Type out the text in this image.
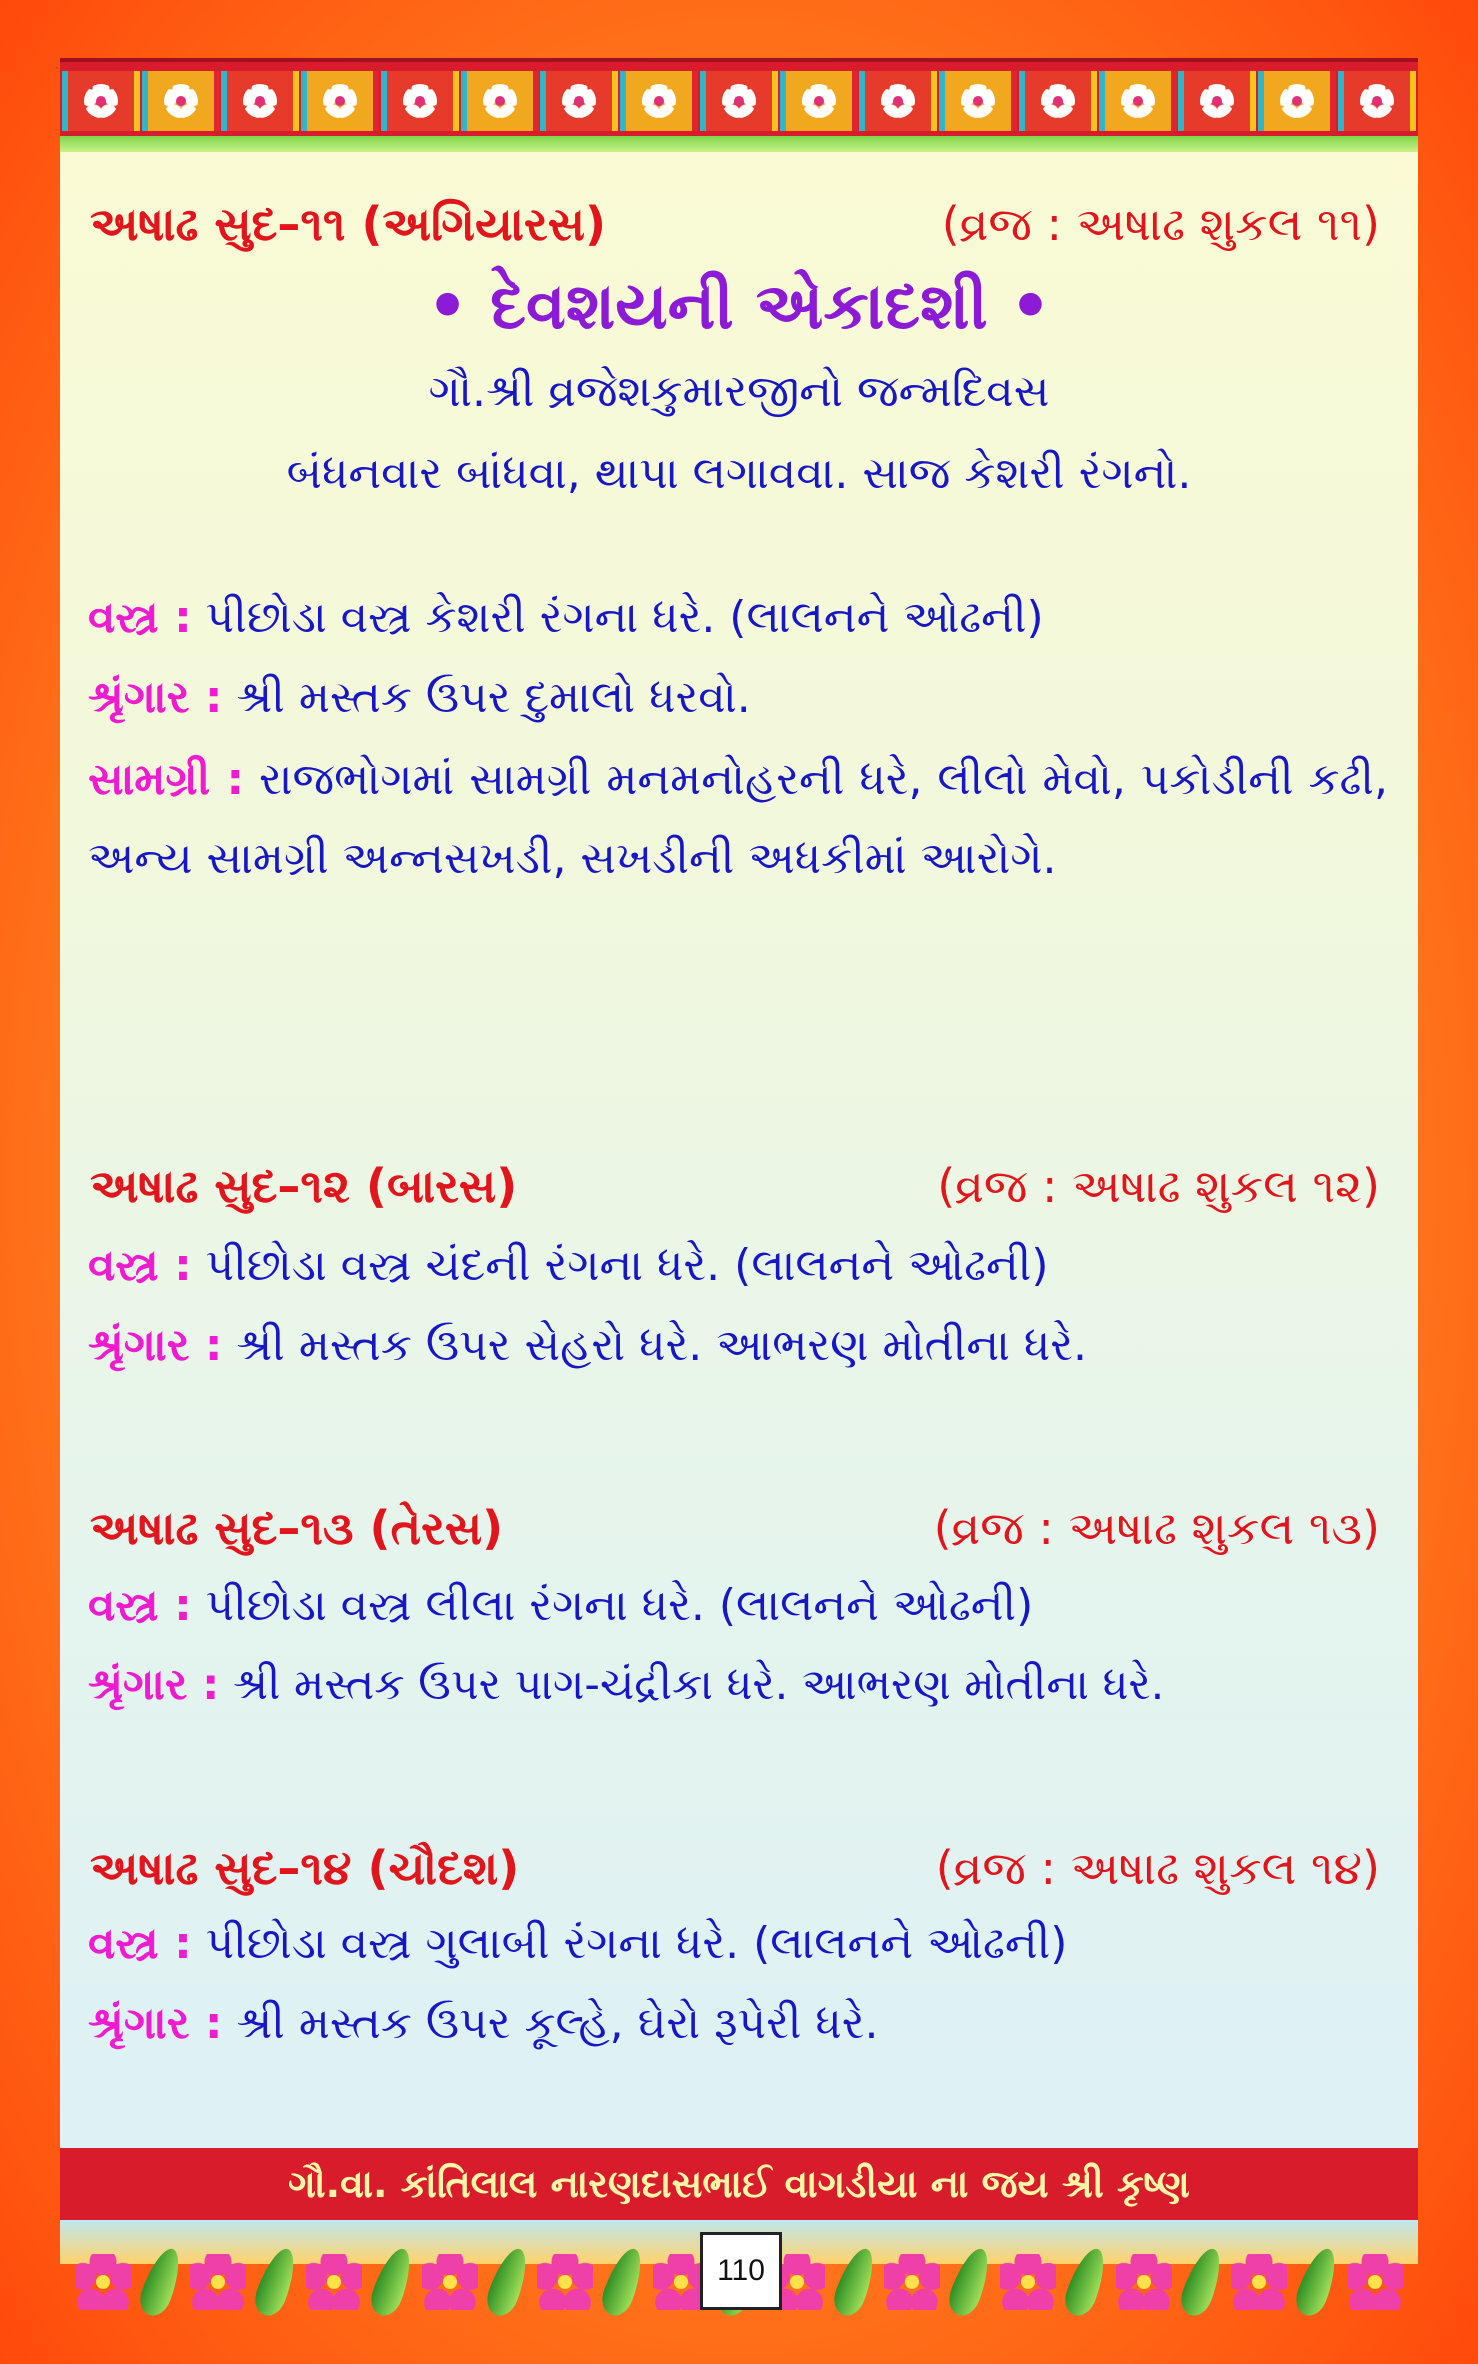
અષાઢ સુદ–૧૧ (અગિયારસ)	(વ્રજ : અષાઢ શુકલ ૧૧)
• દેવશયની એકાદશી •
ગૌ.શ્રી વ્રજેશકુમારજીનો જન્મદિવસ
બંધનવાર બાંધવા, થાપા લગાવવા. સાજ કેશરી રંગનો.
વસ્ત્ર : પીછોડા વસ્ત્ર કેશરી રંગના ધરે. (લાલનને ઓઢની)
શ્રૃંગાર : શ્રી મસ્તક ઉપર દુમાલો ધરવો.
સામગ્રી : રાજભોગમાં સામગ્રી મનમનોહરની ધરે, લીલો મેવો, પકોડીની કઢી, અન્ય સામગ્રી અન્નસખડી, સખડીની અધકીમાં આરોગે.
અષાઢ સુદ–૧૨ (બારસ)	(વ્રજ : અષાઢ શુકલ ૧૨)
વસ્ત્ર : પીછોડા વસ્ત્ર ચંદની રંગના ધરે. (લાલનને ઓઢની)
શ્રૃંગાર : શ્રી મસ્તક ઉપર સેહરો ધરે. આભરણ મોતીના ધરે.
અષાઢ સુદ–૧૩ (તેરસ)	(વ્રજ : અષાઢ શુકલ ૧૩)
વસ્ત્ર : પીછોડા વસ્ત્ર લીલા રંગના ધરે. (લાલનને ઓઢની)
શ્રૃંગાર : શ્રી મસ્તક ઉપર પાગ-ચંદ્રીકા ધરે. આભરણ મોતીના ધરે.
અષાઢ સુદ–૧૪ (ચૌદશ)	(વ્રજ : અષાઢ શુકલ ૧૪)
વસ્ત્ર : પીછોડા વસ્ત્ર ગુલાબી રંગના ધરે. (લાલનને ઓઢની)
શ્રૃંગાર : શ્રી મસ્તક ઉપર કૂલ્હે, ઘેરો રૂપેરી ધરે.
ગૌ.વા. કાંતિલાલ નારણદાસભાઈ વાગડીયા ના જય શ્રી કૃષ્ણ
110
